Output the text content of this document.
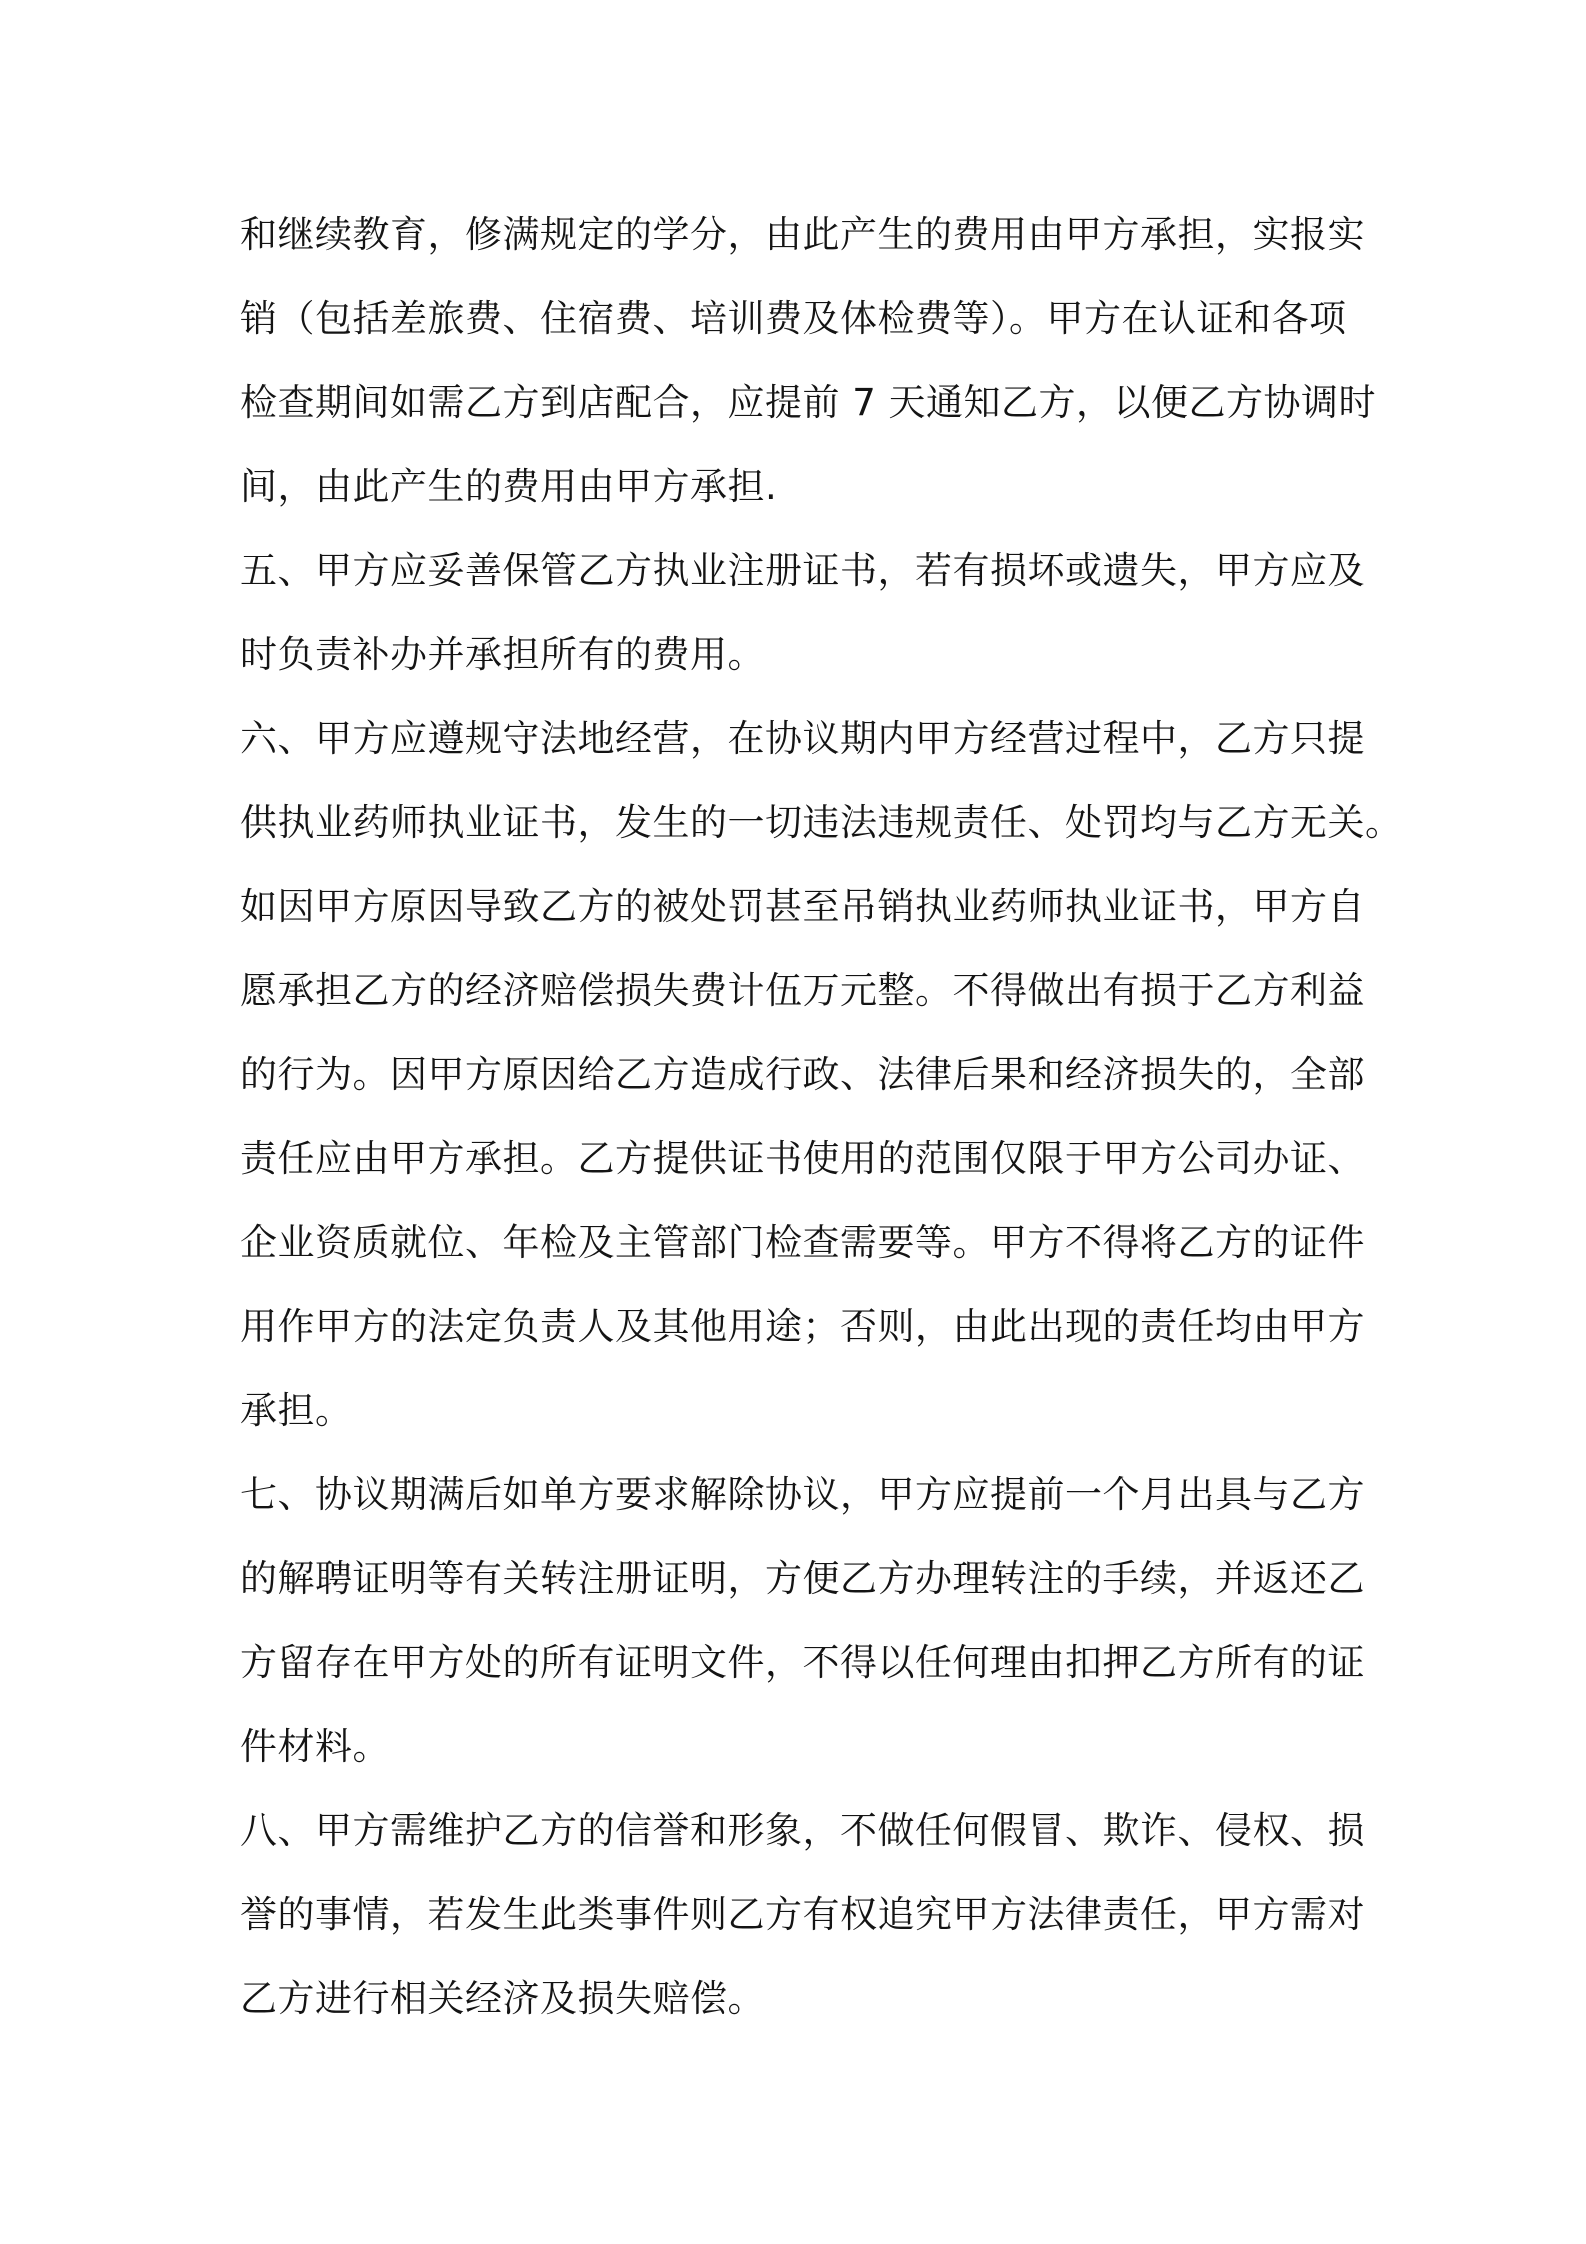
和继续教育，修满规定的学分，由此产生的费用由甲方承担，实报实
销（包括差旅费、住宿费、培训费及体检费等）。甲方在认证和各项
检查期间如需乙方到店配合，应提前 7 天通知乙方，以便乙方协调时
间，由此产生的费用由甲方承担.
五、甲方应妥善保管乙方执业注册证书，若有损坏或遗失，甲方应及
时负责补办并承担所有的费用。
六、甲方应遵规守法地经营，在协议期内甲方经营过程中，乙方只提
供执业药师执业证书，发生的一切违法违规责任、处罚均与乙方无关。
如因甲方原因导致乙方的被处罚甚至吊销执业药师执业证书，甲方自
愿承担乙方的经济赔偿损失费计伍万元整。不得做出有损于乙方利益
的行为。因甲方原因给乙方造成行政、法律后果和经济损失的，全部
责任应由甲方承担。乙方提供证书使用的范围仅限于甲方公司办证、
企业资质就位、年检及主管部门检查需要等。甲方不得将乙方的证件
用作甲方的法定负责人及其他用途；否则，由此出现的责任均由甲方
承担。
七、协议期满后如单方要求解除协议，甲方应提前一个月出具与乙方
的解聘证明等有关转注册证明，方便乙方办理转注的手续，并返还乙
方留存在甲方处的所有证明文件，不得以任何理由扣押乙方所有的证
件材料。
八、甲方需维护乙方的信誉和形象，不做任何假冒、欺诈、侵权、损
誉的事情，若发生此类事件则乙方有权追究甲方法律责任，甲方需对
乙方进行相关经济及损失赔偿。
